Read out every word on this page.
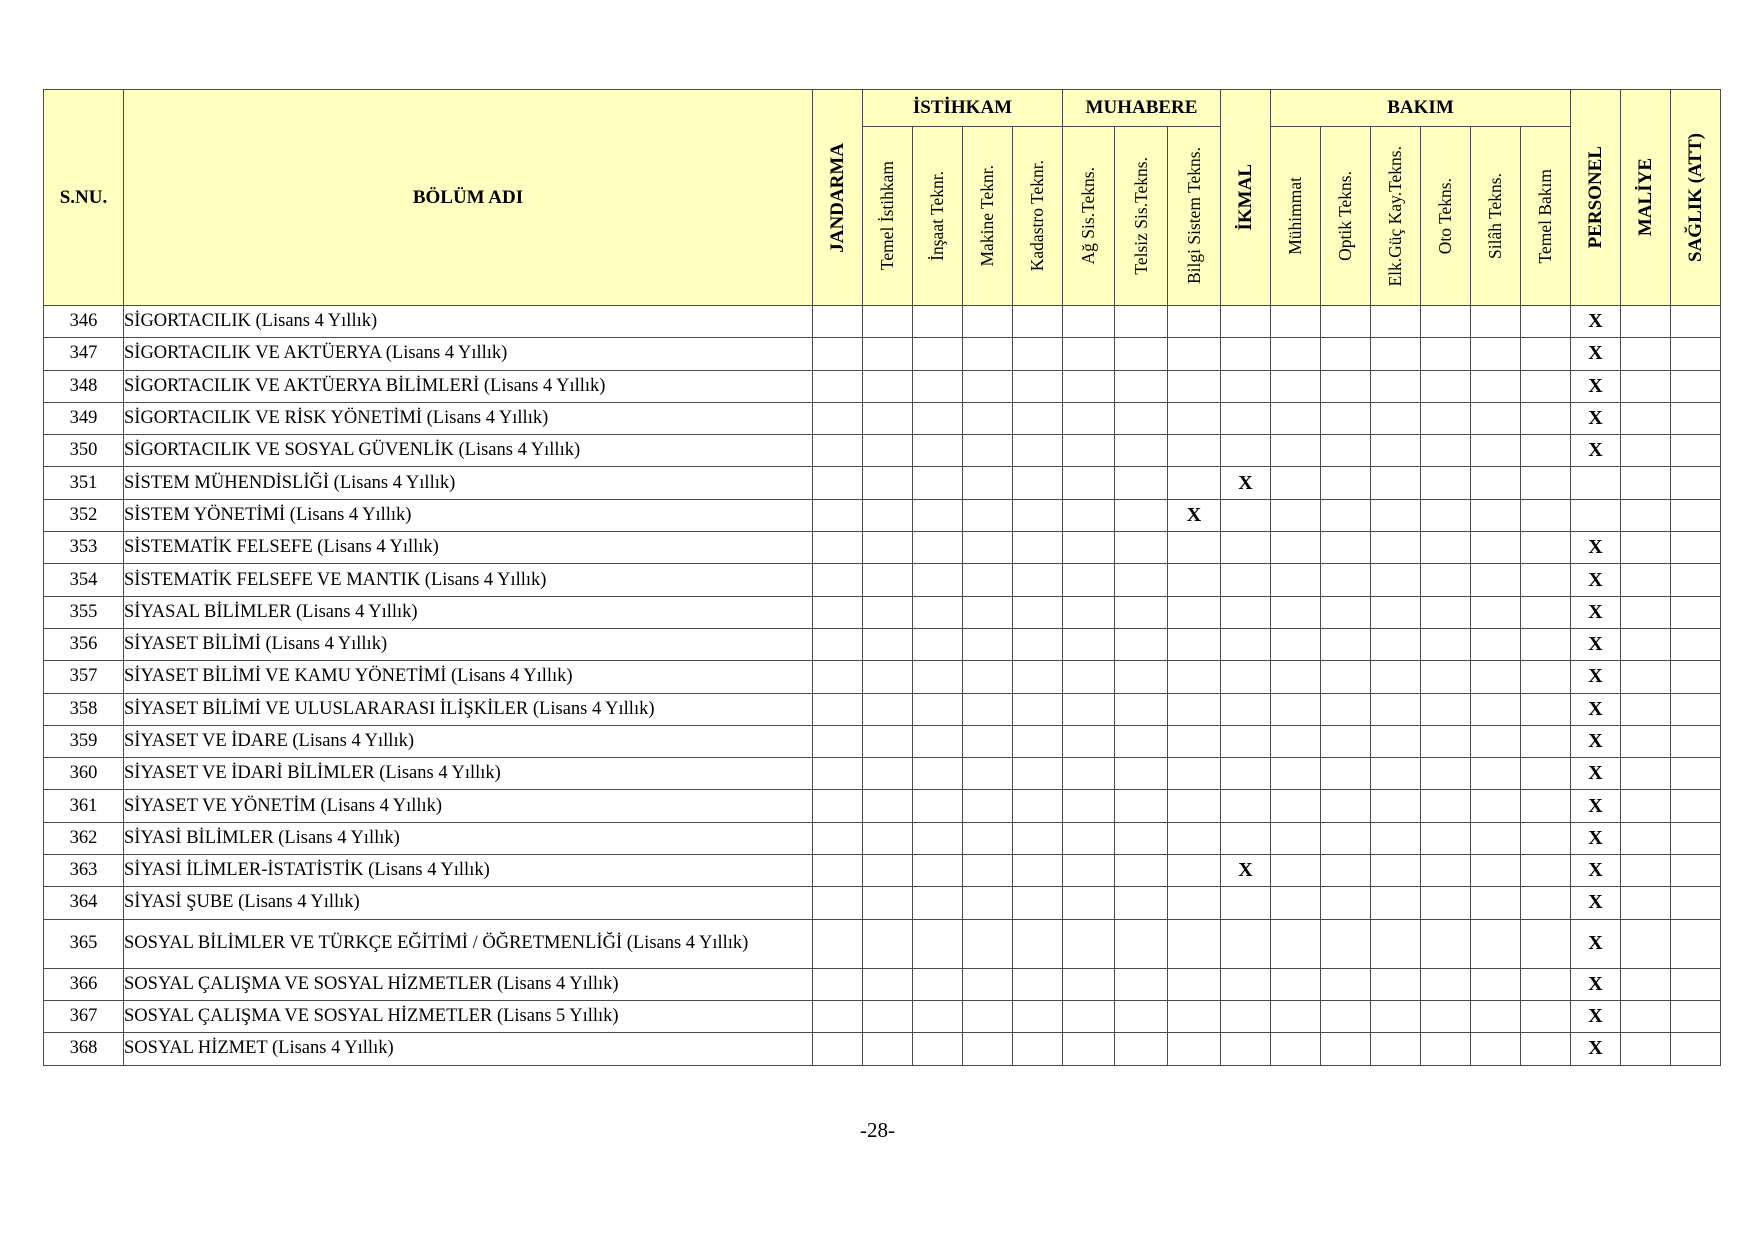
S.NU.	BÖLÜM ADI	JANDARMA	İSTİHKAM				MUHABERE			İKMAL	BAKIM						PERSONEL	MALİYE	SAĞLIK (ATT)

			Temel İstihkam	İnşaat Teknr.	Makine Teknr.	Kadastro Teknr.	Ağ Sis.Tekns.	Telsiz Sis.Tekns.	Bilgi Sistem Tekns.		Mühimmat	Optik Tekns.	Elk.Güç Kay.Tekns.	Oto Tekns.	Silâh Tekns.	Temel Bakım			

346	SİGORTACILIK (Lisans 4 Yıllık)																X		
347	SİGORTACILIK VE AKTÜERYA (Lisans 4 Yıllık)																X		
348	SİGORTACILIK VE AKTÜERYA BİLİMLERİ (Lisans 4 Yıllık)																X		
349	SİGORTACILIK VE RİSK YÖNETİMİ (Lisans 4 Yıllık)																X		
350	SİGORTACILIK VE SOSYAL GÜVENLİK (Lisans 4 Yıllık)																X		
351	SİSTEM MÜHENDİSLİĞİ (Lisans 4 Yıllık)									X									
352	SİSTEM YÖNETİMİ (Lisans 4 Yıllık)								X										
353	SİSTEMATİK FELSEFE (Lisans 4 Yıllık)																X		
354	SİSTEMATİK FELSEFE VE MANTIK (Lisans 4 Yıllık)																X		
355	SİYASAL BİLİMLER (Lisans 4 Yıllık)																X		
356	SİYASET BİLİMİ (Lisans 4 Yıllık)																X		
357	SİYASET BİLİMİ VE KAMU YÖNETİMİ (Lisans 4 Yıllık)																X		
358	SİYASET BİLİMİ VE ULUSLARARASI İLİŞKİLER (Lisans 4 Yıllık)																X		
359	SİYASET VE İDARE (Lisans 4 Yıllık)																X		
360	SİYASET VE İDARİ BİLİMLER (Lisans 4 Yıllık)																X		
361	SİYASET VE YÖNETİM (Lisans 4 Yıllık)																X		
362	SİYASİ BİLİMLER (Lisans 4 Yıllık)																X		
363	SİYASİ İLİMLER-İSTATİSTİK (Lisans 4 Yıllık)									X							X		
364	SİYASİ ŞUBE (Lisans 4 Yıllık)																X		
365	SOSYAL BİLİMLER VE TÜRKÇE EĞİTİMİ / ÖĞRETMENLİĞİ (Lisans 4 Yıllık)																X		
366	SOSYAL ÇALIŞMA VE SOSYAL HİZMETLER (Lisans 4 Yıllık)																X		
367	SOSYAL ÇALIŞMA VE SOSYAL HİZMETLER (Lisans 5 Yıllık)																X		
368	SOSYAL HİZMET (Lisans 4 Yıllık)																X		
-28-
